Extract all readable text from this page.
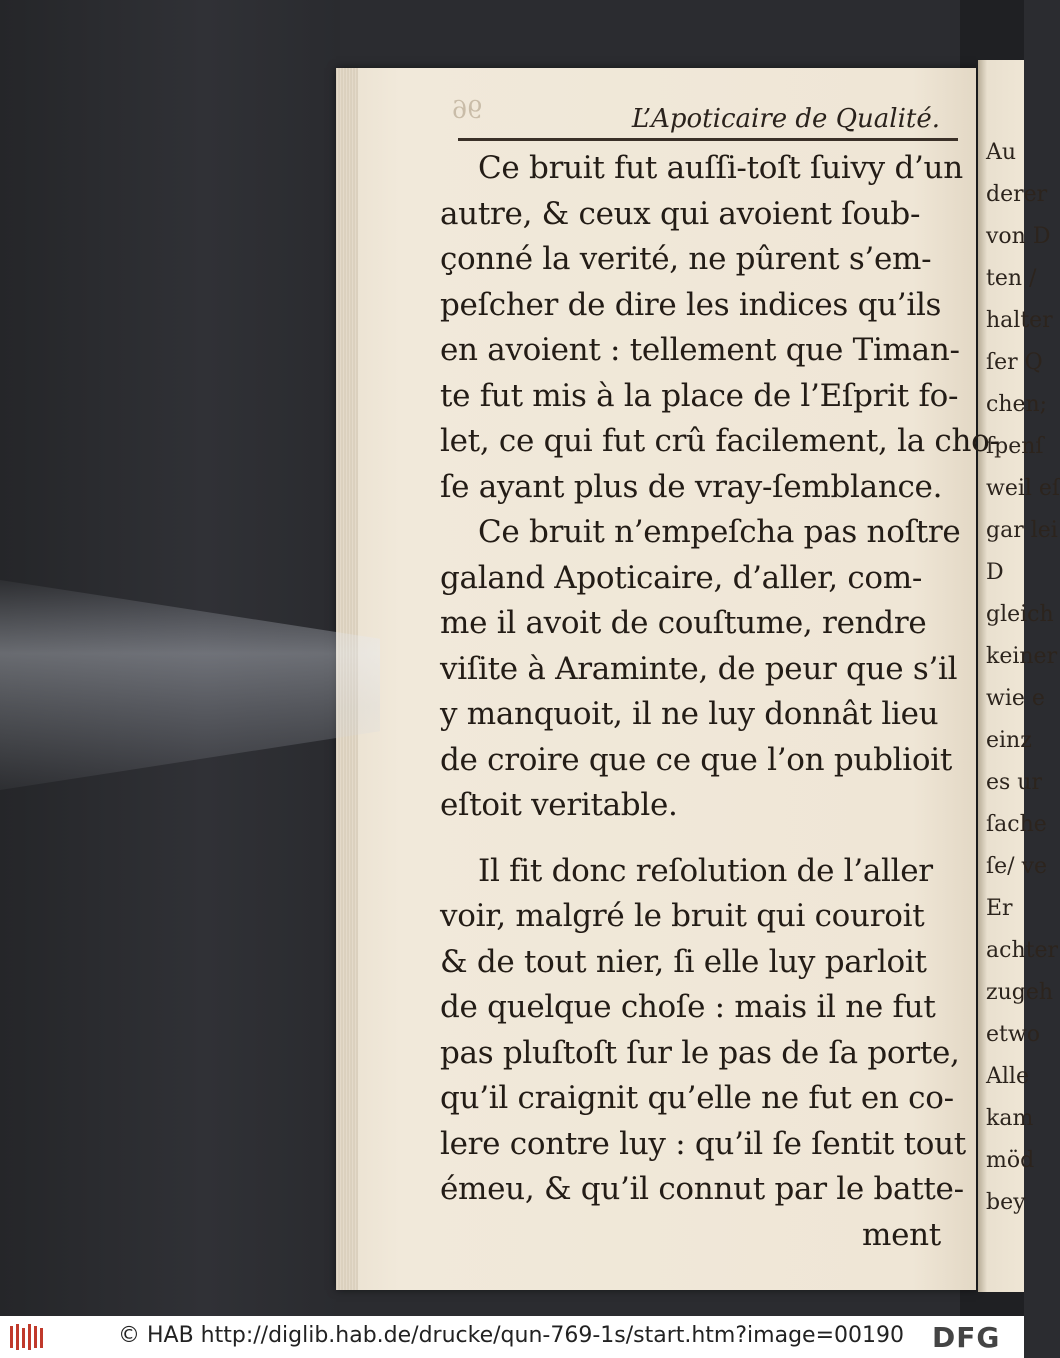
Au
derer
von D
ten /
halter
ſer Q
chen;
ſpenſ
weil eſ
gar lei
D
gleich
keiner
wie e
einz
es ur
ſache
ſe/ ve
Er
achter
zugeh
etwo
Alle
kam
möd
bey
96	L’Apoticaire de Qualité.
Ce bruit fut auſſi-toſt ſuivy d’un
autre, & ceux qui avoient ſoub-
çonné la verité, ne pûrent s’em-
peſcher de dire les indices qu’ils
en avoient : tellement que Timan-
te fut mis à la place de l’Eſprit fo-
let, ce qui fut crû facilement, la cho-
ſe ayant plus de vray-ſemblance.
Ce bruit n’empeſcha pas noſtre
galand Apoticaire, d’aller, com-
me il avoit de couſtume, rendre
viſite à Araminte, de peur que s’il
y manquoit, il ne luy donnât lieu
de croire que ce que l’on publioit
eſtoit veritable.
Il fit donc reſolution de l’aller
voir, malgré le bruit qui couroit
& de tout nier, ſi elle luy parloit
de quelque choſe : mais il ne fut
pas pluſtoſt ſur le pas de ſa porte,
qu’il craignit qu’elle ne fut en co-
lere contre luy : qu’il ſe ſentit tout
émeu, & qu’il connut par le batte-
ment
© HAB http://diglib.hab.de/drucke/qun-769-1s/start.htm?image=00190 DFG
